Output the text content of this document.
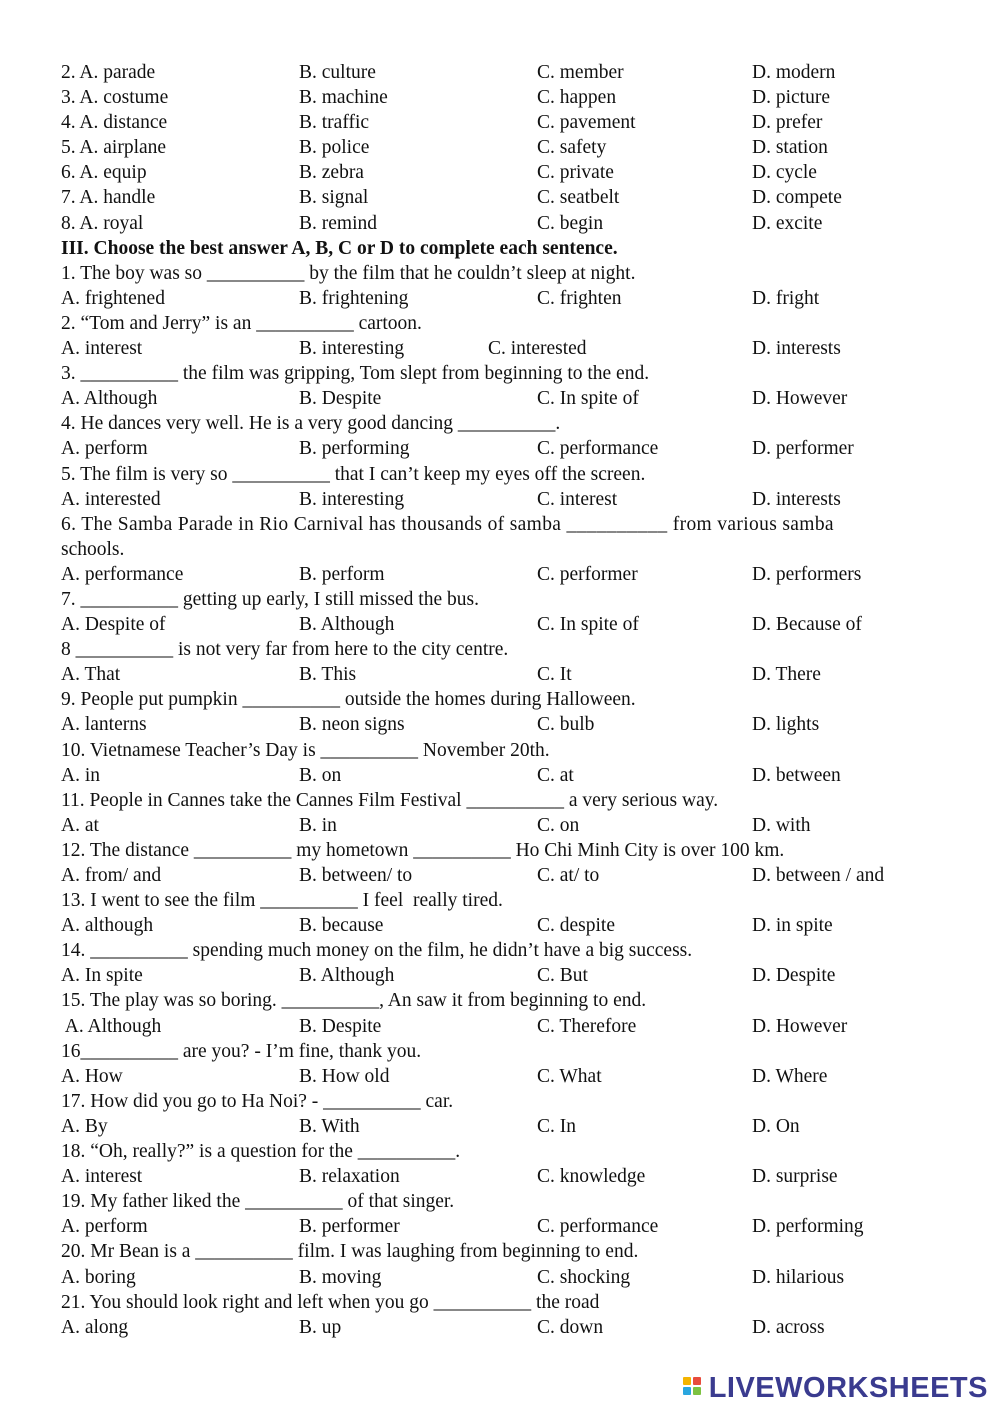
2. A. parade	B. culture	C. member	D. modern
3. A. costume	B. machine	C. happen	D. picture
4. A. distance	B. traffic	C. pavement	D. prefer
5. A. airplane	B. police	C. safety	D. station
6. A. equip	B. zebra	C. private	D. cycle
7. A. handle	B. signal	C. seatbelt	D. compete
8. A. royal	B. remind	C. begin	D. excite
III. Choose the best answer A, B, C or D to complete each sentence.
1. The boy was so __________ by the film that he couldn’t sleep at night.
A. frightened	B. frightening	C. frighten	D. fright
2. “Tom and Jerry” is an __________ cartoon.
A. interest	B. interesting	C. interested	D. interests
3. __________ the film was gripping, Tom slept from beginning to the end.
A. Although	B. Despite	C. In spite of	D. However
4. He dances very well. He is a very good dancing __________.
A. perform	B. performing	C. performance	D. performer
5. The film is very so __________ that I can’t keep my eyes off the screen.
A. interested	B. interesting	C. interest	D. interests
6. The Samba Parade in Rio Carnival has thousands of samba __________ from various samba
schools.
A. performance	B. perform	C. performer	D. performers
7. __________ getting up early, I still missed the bus.
A. Despite of	B. Although	C. In spite of	D. Because of
8 __________ is not very far from here to the city centre.
A. That	B. This	C. It	D. There
9. People put pumpkin __________ outside the homes during Halloween.
A. lanterns	B. neon signs	C. bulb	D. lights
10. Vietnamese Teacher’s Day is __________ November 20th.
A. in	B. on	C. at	D. between
11. People in Cannes take the Cannes Film Festival __________ a very serious way.
A. at	B. in	C. on	D. with
12. The distance __________ my hometown __________ Ho Chi Minh City is over 100 km.
A. from/ and	B. between/ to	C. at/ to	D. between / and
13. I went to see the film __________ I feel  really tired.
A. although	B. because	C. despite	D. in spite
14. __________ spending much money on the film, he didn’t have a big success.
A. In spite	B. Although	C. But	D. Despite
15. The play was so boring. __________, An saw it from beginning to end.
A. Although	B. Despite	C. Therefore	D. However
16__________ are you? - I’m fine, thank you.
A. How	B. How old	C. What	D. Where
17. How did you go to Ha Noi? - __________ car.
A. By	B. With	C. In	D. On
18. “Oh, really?” is a question for the __________.
A. interest	B. relaxation	C. knowledge	D. surprise
19. My father liked the __________ of that singer.
A. perform	B. performer	C. performance	D. performing
20. Mr Bean is a __________ film. I was laughing from beginning to end.
A. boring	B. moving	C. shocking	D. hilarious
21. You should look right and left when you go __________ the road
A. along	B. up	C. down	D. across
LIVEWORKSHEETS
